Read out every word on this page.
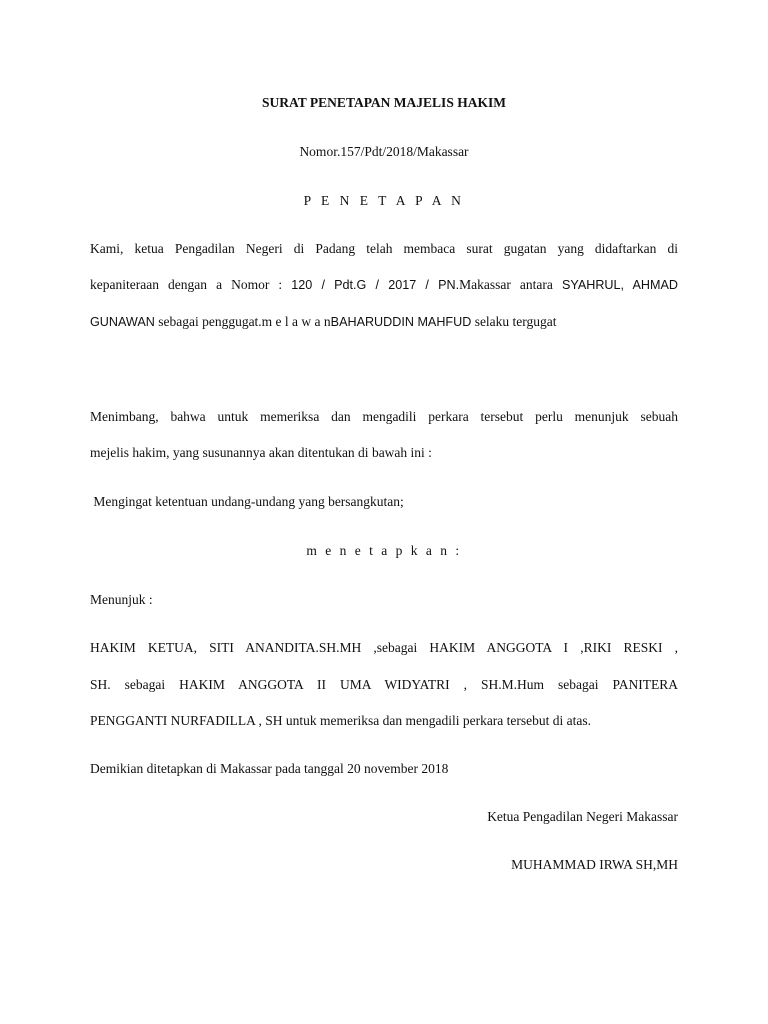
SURAT PENETAPAN MAJELIS HAKIM
Nomor.157/Pdt/2018/Makassar
P E N E T A P A N
Kami, ketua Pengadilan Negeri di Padang telah membaca surat gugatan yang didaftarkan di
kepaniteraan dengan a Nomor : 120 / Pdt.G / 2017 / PN.Makassar antara SYAHRUL, AHMAD
GUNAWAN sebagai penggugat.m e l a w a nBAHARUDDIN MAHFUD selaku tergugat
Menimbang, bahwa untuk memeriksa dan mengadili perkara tersebut perlu menunjuk sebuah
mejelis hakim, yang susunannya akan ditentukan di bawah ini :
Mengingat ketentuan undang-undang yang bersangkutan;
m e n e t a p k a n :
Menunjuk :
HAKIM KETUA, SITI ANANDITA.SH.MH ,sebagai HAKIM ANGGOTA I ,RIKI RESKI ,
SH. sebagai HAKIM ANGGOTA II UMA WIDYATRI , SH.M.Hum sebagai PANITERA
PENGGANTI NURFADILLA , SH untuk memeriksa dan mengadili perkara tersebut di atas.
Demikian ditetapkan di Makassar pada tanggal 20 november 2018
Ketua Pengadilan Negeri Makassar
MUHAMMAD IRWA SH,MH
